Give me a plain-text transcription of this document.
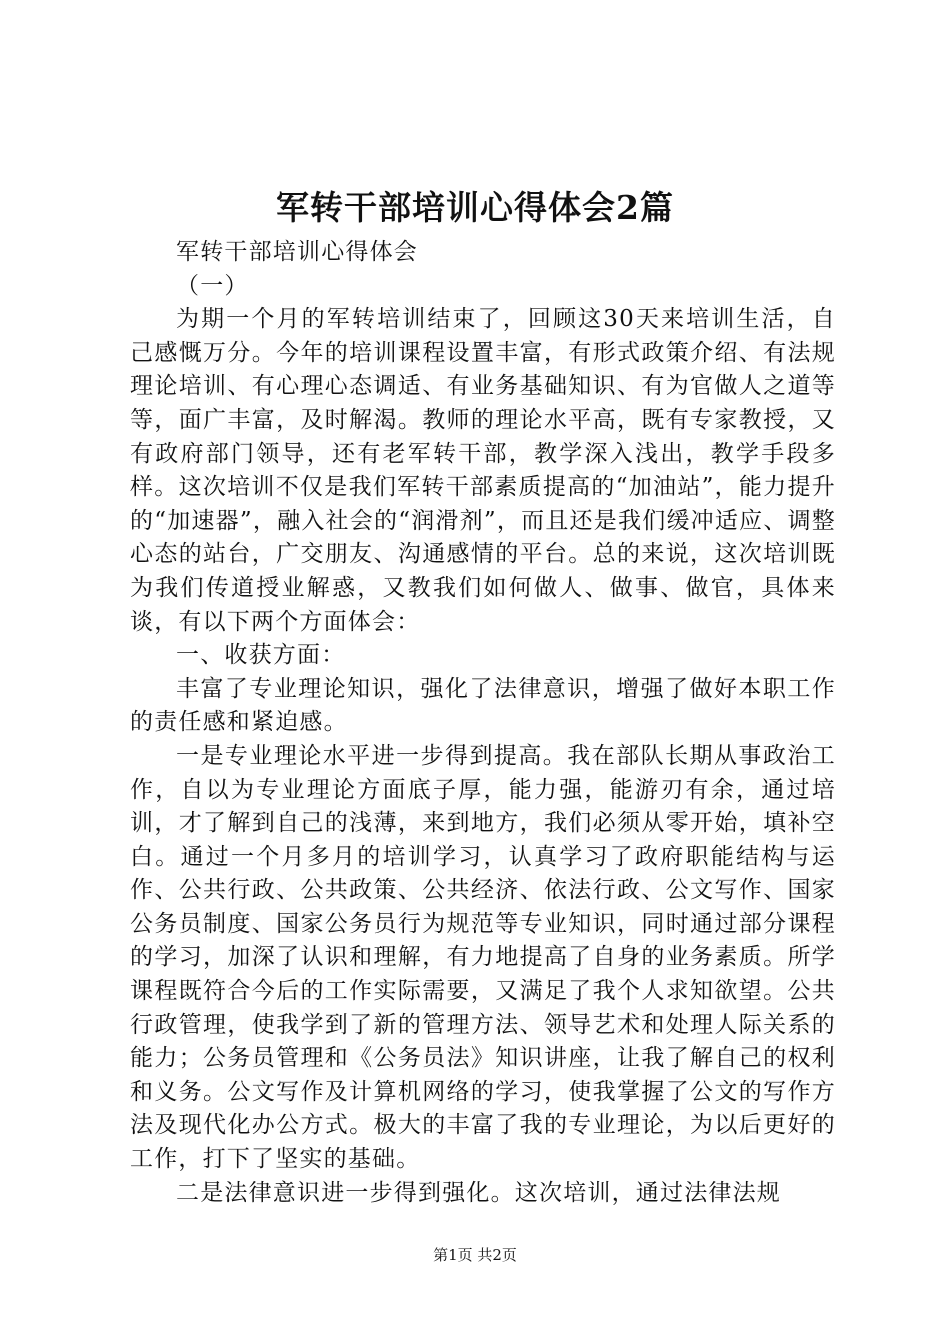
军转干部培训心得体会2篇

军转干部培训心得体会

（一）

为期一个月的军转培训结束了，回顾这30天来培训生活，自己感慨万分。今年的培训课程设置丰富，有形式政策介绍、有法规理论培训、有心理心态调适、有业务基础知识、有为官做人之道等等，面广丰富，及时解渴。教师的理论水平高，既有专家教授，又有政府部门领导，还有老军转干部，教学深入浅出，教学手段多样。这次培训不仅是我们军转干部素质提高的“加油站”，能力提升的“加速器”，融入社会的“润滑剂”，而且还是我们缓冲适应、调整心态的站台，广交朋友、沟通感情的平台。总的来说，这次培训既为我们传道授业解惑，又教我们如何做人、做事、做官，具体来谈，有以下两个方面体会：

一、收获方面：

丰富了专业理论知识，强化了法律意识，增强了做好本职工作的责任感和紧迫感。

一是专业理论水平进一步得到提高。我在部队长期从事政治工作，自以为专业理论方面底子厚，能力强，能游刃有余，通过培训，才了解到自己的浅薄，来到地方，我们必须从零开始，填补空白。通过一个月多月的培训学习，认真学习了政府职能结构与运作、公共行政、公共政策、公共经济、依法行政、公文写作、国家公务员制度、国家公务员行为规范等专业知识，同时通过部分课程的学习，加深了认识和理解，有力地提高了自身的业务素质。所学课程既符合今后的工作实际需要，又满足了我个人求知欲望。公共行政管理，使我学到了新的管理方法、领导艺术和处理人际关系的能力；公务员管理和《公务员法》知识讲座，让我了解自己的权利和义务。公文写作及计算机网络的学习，使我掌握了公文的写作方法及现代化办公方式。极大的丰富了我的专业理论，为以后更好的工作，打下了坚实的基础。

二是法律意识进一步得到强化。这次培训，通过法律法规

第1页 共2页
